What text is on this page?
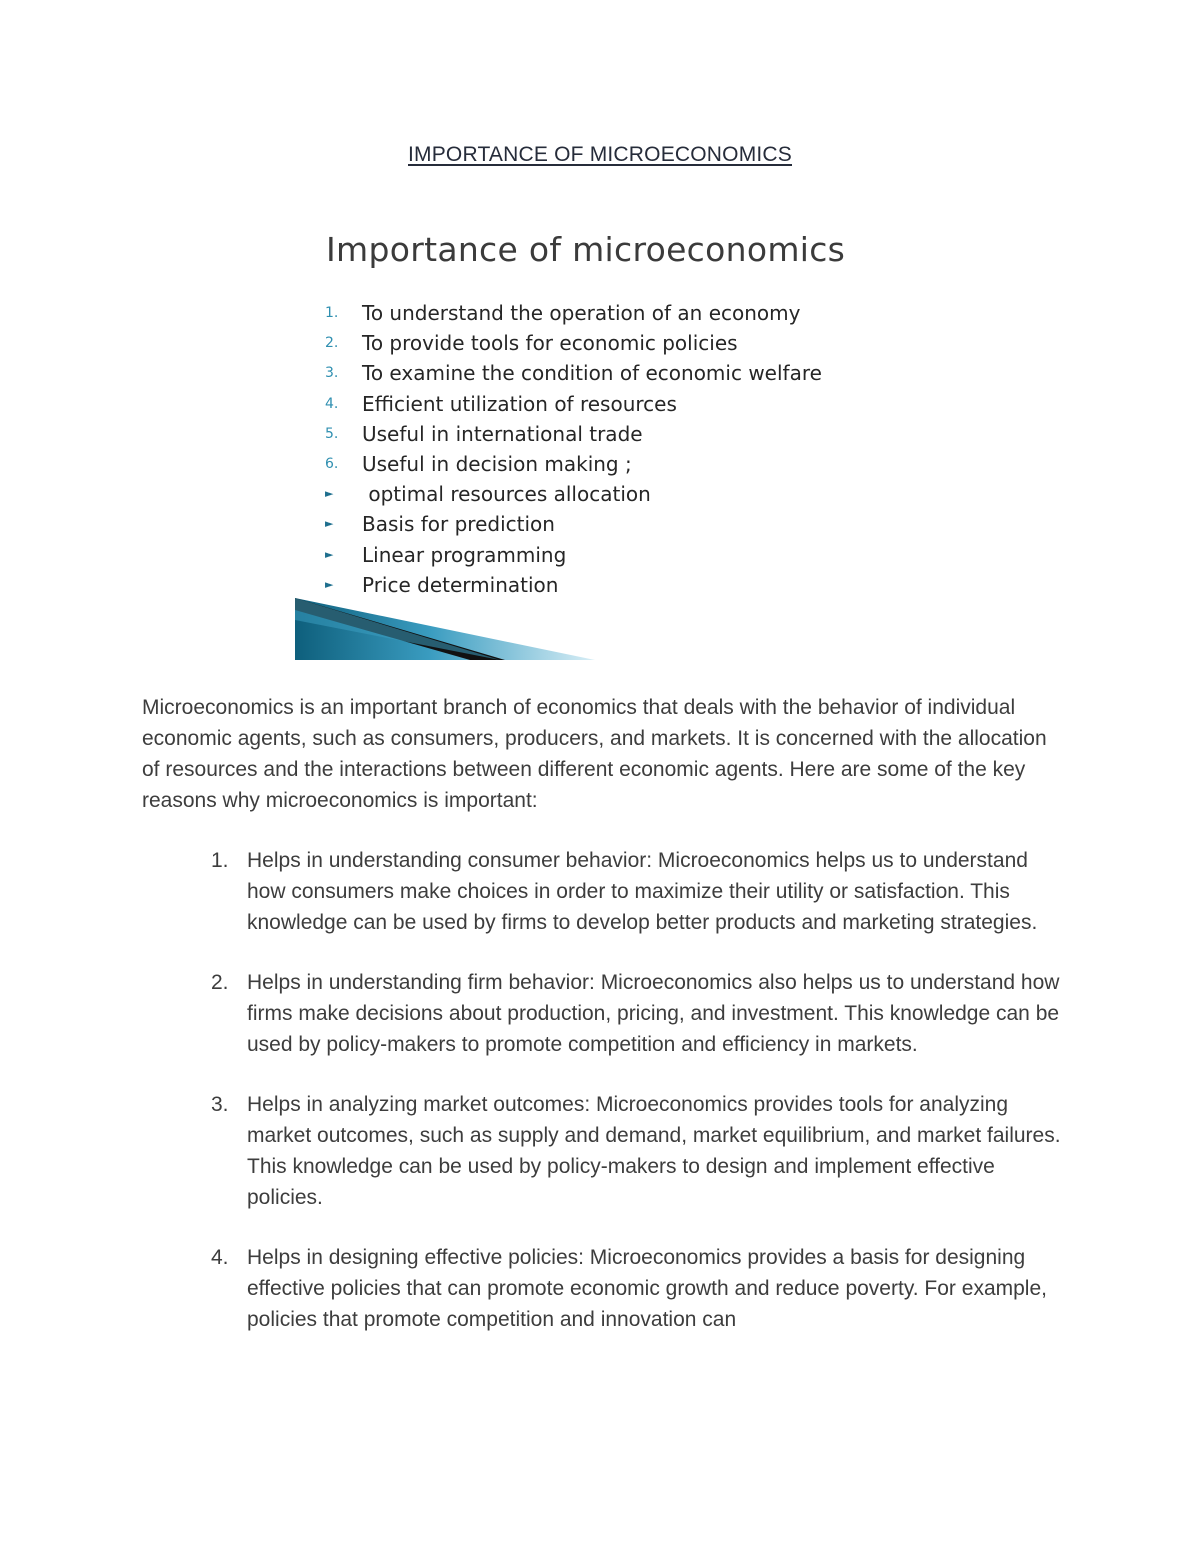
IMPORTANCE OF MICROECONOMICS
Importance of microeconomics
1.	To understand the operation of an economy
2.	To provide tools for economic policies
3.	To examine the condition of economic welfare
4.	Efficient utilization of resources
5.	Useful in international trade
6.	Useful in decision making ;
►	optimal resources allocation
►	Basis for prediction
►	Linear programming
►	Price determination

Microeconomics is an important branch of economics that deals with the behavior of individual economic agents, such as consumers, producers, and markets. It is concerned with the allocation of resources and the interactions between different economic agents. Here are some of the key reasons why microeconomics is important:

1. Helps in understanding consumer behavior: Microeconomics helps us to understand how consumers make choices in order to maximize their utility or satisfaction. This knowledge can be used by firms to develop better products and marketing strategies.

2. Helps in understanding firm behavior: Microeconomics also helps us to understand how firms make decisions about production, pricing, and investment. This knowledge can be used by policy-makers to promote competition and efficiency in markets.

3. Helps in analyzing market outcomes: Microeconomics provides tools for analyzing market outcomes, such as supply and demand, market equilibrium, and market failures. This knowledge can be used by policy-makers to design and implement effective policies.

4. Helps in designing effective policies: Microeconomics provides a basis for designing effective policies that can promote economic growth and reduce poverty. For example, policies that promote competition and innovation can
